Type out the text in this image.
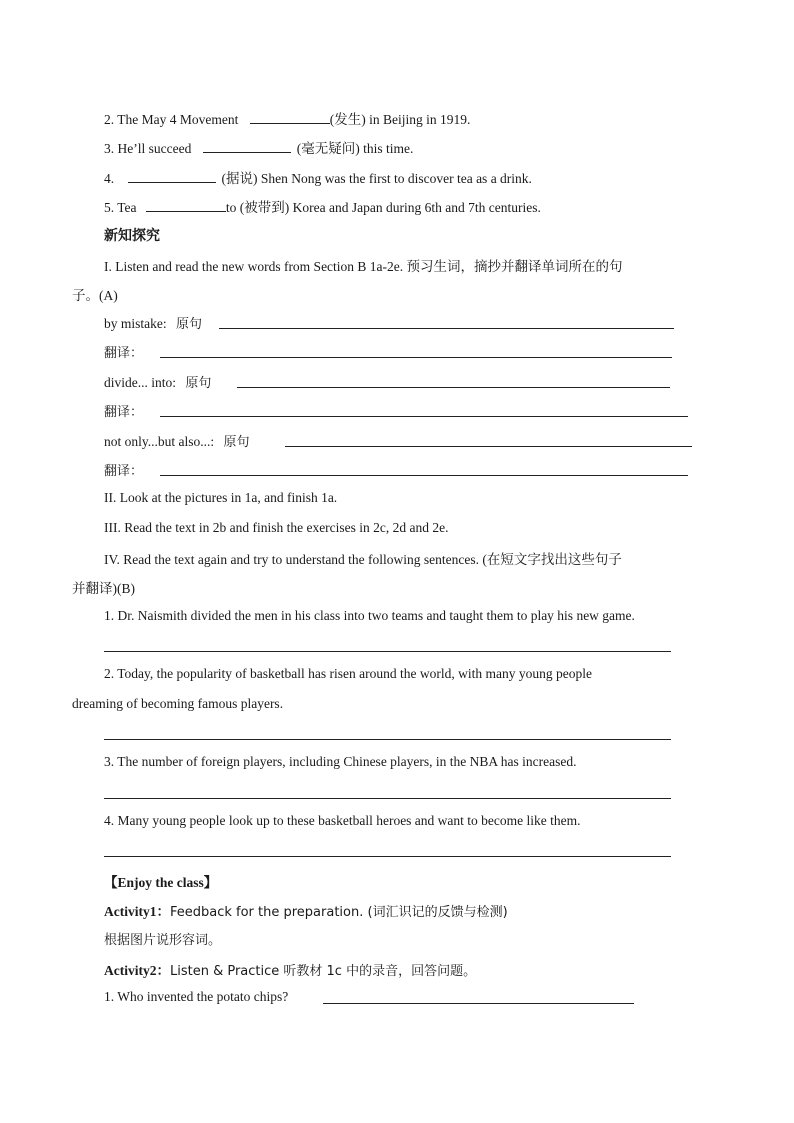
2. The May 4 Movement	(发生) in Beijing in 1919.
3. He’ll succeed	(毫无疑问) this time.
4.	(据说) Shen Nong was the first to discover tea as a drink.
5. Tea	to (被带到) Korea and Japan during 6th and 7th centuries.
新知探究
I. Listen and read the new words from Section B 1a-2e. 预习生词，摘抄并翻译单词所在的句
子。(A)
by mistake: 原句
翻译：
divide... into: 原句
翻译：
not only...but also...: 原句
翻译：
II. Look at the pictures in 1a, and finish 1a.
III. Read the text in 2b and finish the exercises in 2c, 2d and 2e.
IV. Read the text again and try to understand the following sentences. (在短文字找出这些句子
并翻译)(B)
1. Dr. Naismith divided the men in his class into two teams and taught them to play his new game.
2. Today, the popularity of basketball has risen around the world, with many young people
dreaming of becoming famous players.
3. The number of foreign players, including Chinese players, in the NBA has increased.
4. Many young people look up to these basketball heroes and want to become like them.
【Enjoy the class】
Activity1：Feedback for the preparation. (词汇识记的反馈与检测)
根据图片说形容词。
Activity2：Listen & Practice 听教材 1c 中的录音，回答问题。
1. Who invented the potato chips?
